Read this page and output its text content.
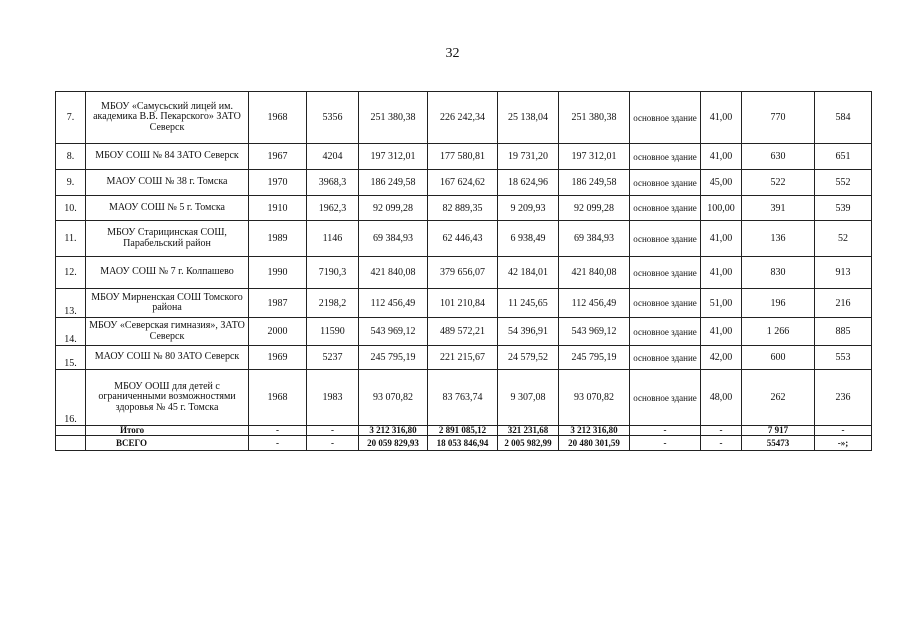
32
7.	МБОУ «Самусьский лицей им. академика В.В. Пекарского» ЗАТО Северск	1968	5356	251 380,38	226 242,34	25 138,04	251 380,38	основное здание	41,00	770	584
8.	МБОУ СОШ № 84 ЗАТО Северск	1967	4204	197 312,01	177 580,81	19 731,20	197 312,01	основное здание	41,00	630	651
9.	МАОУ СОШ № 38 г. Томска	1970	3968,3	186 249,58	167 624,62	18 624,96	186 249,58	основное здание	45,00	522	552
10.	МАОУ СОШ № 5 г. Томска	1910	1962,3	92 099,28	82 889,35	9 209,93	92 099,28	основное здание	100,00	391	539
11.	МБОУ Старицинская СОШ, Парабельский район	1989	1146	69 384,93	62 446,43	6 938,49	69 384,93	основное здание	41,00	136	52
12.	МАОУ СОШ № 7 г. Колпашево	1990	7190,3	421 840,08	379 656,07	42 184,01	421 840,08	основное здание	41,00	830	913
13.	МБОУ Мирненская СОШ Томского района	1987	2198,2	112 456,49	101 210,84	11 245,65	112 456,49	основное здание	51,00	196	216
14.	МБОУ «Северская гимназия», ЗАТО Северск	2000	11590	543 969,12	489 572,21	54 396,91	543 969,12	основное здание	41,00	1 266	885
15.	МАОУ СОШ № 80 ЗАТО Северск	1969	5237	245 795,19	221 215,67	24 579,52	245 795,19	основное здание	42,00	600	553
16.	МБОУ ООШ для детей с ограниченными возможностями здоровья № 45 г. Томска	1968	1983	93 070,82	83 763,74	9 307,08	93 070,82	основное здание	48,00	262	236
	Итого	-	-	3 212 316,80	2 891 085,12	321 231,68	3 212 316,80	-	-	7 917	-
	ВСЕГО	-	-	20 059 829,93	18 053 846,94	2 005 982,99	20 480 301,59	-	-	55473	-»;
